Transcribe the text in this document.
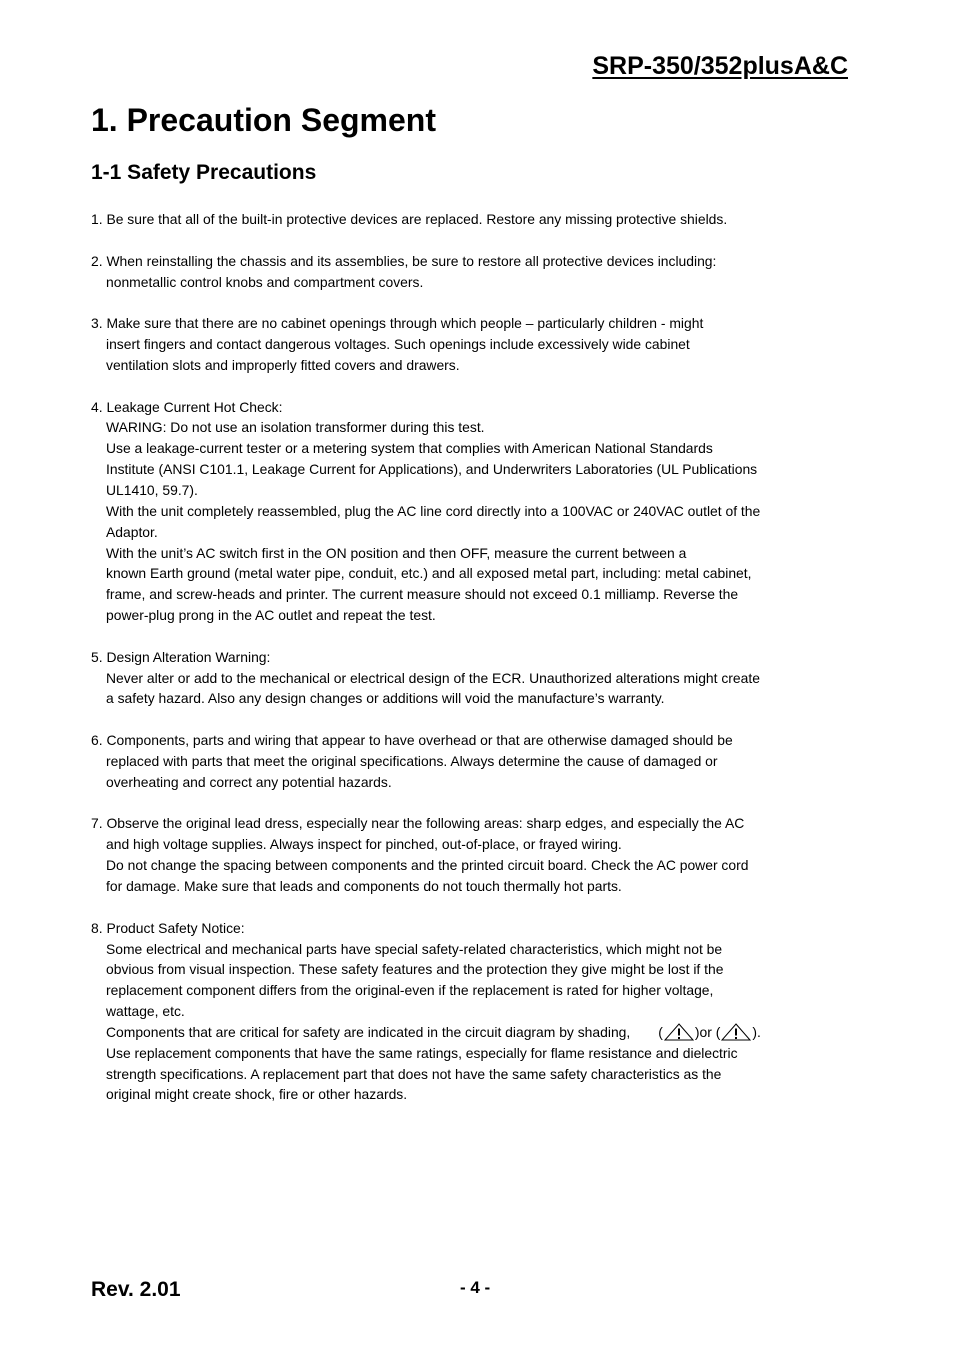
SRP-350/352plusA&C
1. Precaution Segment
1-1 Safety Precautions
1. Be sure that all of the built-in protective devices are replaced. Restore any missing protective shields.
2. When reinstalling the chassis and its assemblies, be sure to restore all protective devices including:
nonmetallic control knobs and compartment covers.
3. Make sure that there are no cabinet openings through which people – particularly children - might
insert fingers and contact dangerous voltages. Such openings include excessively wide cabinet
ventilation slots and improperly fitted covers and drawers.
4. Leakage Current Hot Check:
WARING: Do not use an isolation transformer during this test.
Use a leakage-current tester or a metering system that complies with American National Standards
Institute (ANSI C101.1, Leakage Current for Applications), and Underwriters Laboratories (UL Publications
UL1410, 59.7).
With the unit completely reassembled, plug the AC line cord directly into a 100VAC or 240VAC outlet of the
Adaptor.
With the unit’s AC switch first in the ON position and then OFF, measure the current between a
known Earth ground (metal water pipe, conduit, etc.) and all exposed metal part, including: metal cabinet,
frame, and screw-heads and printer. The current measure should not exceed 0.1 milliamp. Reverse the
power-plug prong in the AC outlet and repeat the test.
5. Design Alteration Warning:
Never alter or add to the mechanical or electrical design of the ECR. Unauthorized alterations might create
a safety hazard. Also any design changes or additions will void the manufacture’s warranty.
6. Components, parts and wiring that appear to have overhead or that are otherwise damaged should be
replaced with parts that meet the original specifications. Always determine the cause of damaged or
overheating and correct any potential hazards.
7. Observe the original lead dress, especially near the following areas: sharp edges, and especially the AC
and high voltage supplies. Always inspect for pinched, out-of-place, or frayed wiring.
Do not change the spacing between components and the printed circuit board. Check the AC power cord
for damage. Make sure that leads and components do not touch thermally hot parts.
8. Product Safety Notice:
Some electrical and mechanical parts have special safety-related characteristics, which might not be
obvious from visual inspection. These safety features and the protection they give might be lost if the
replacement component differs from the original-even if the replacement is rated for higher voltage,
wattage, etc.
Components that are critical for safety are indicated in the circuit diagram by shading, ( )or ( ).
Use replacement components that have the same ratings, especially for flame resistance and dielectric
strength specifications. A replacement part that does not have the same safety characteristics as the
original might create shock, fire or other hazards.
Rev. 2.01	- 4 -
